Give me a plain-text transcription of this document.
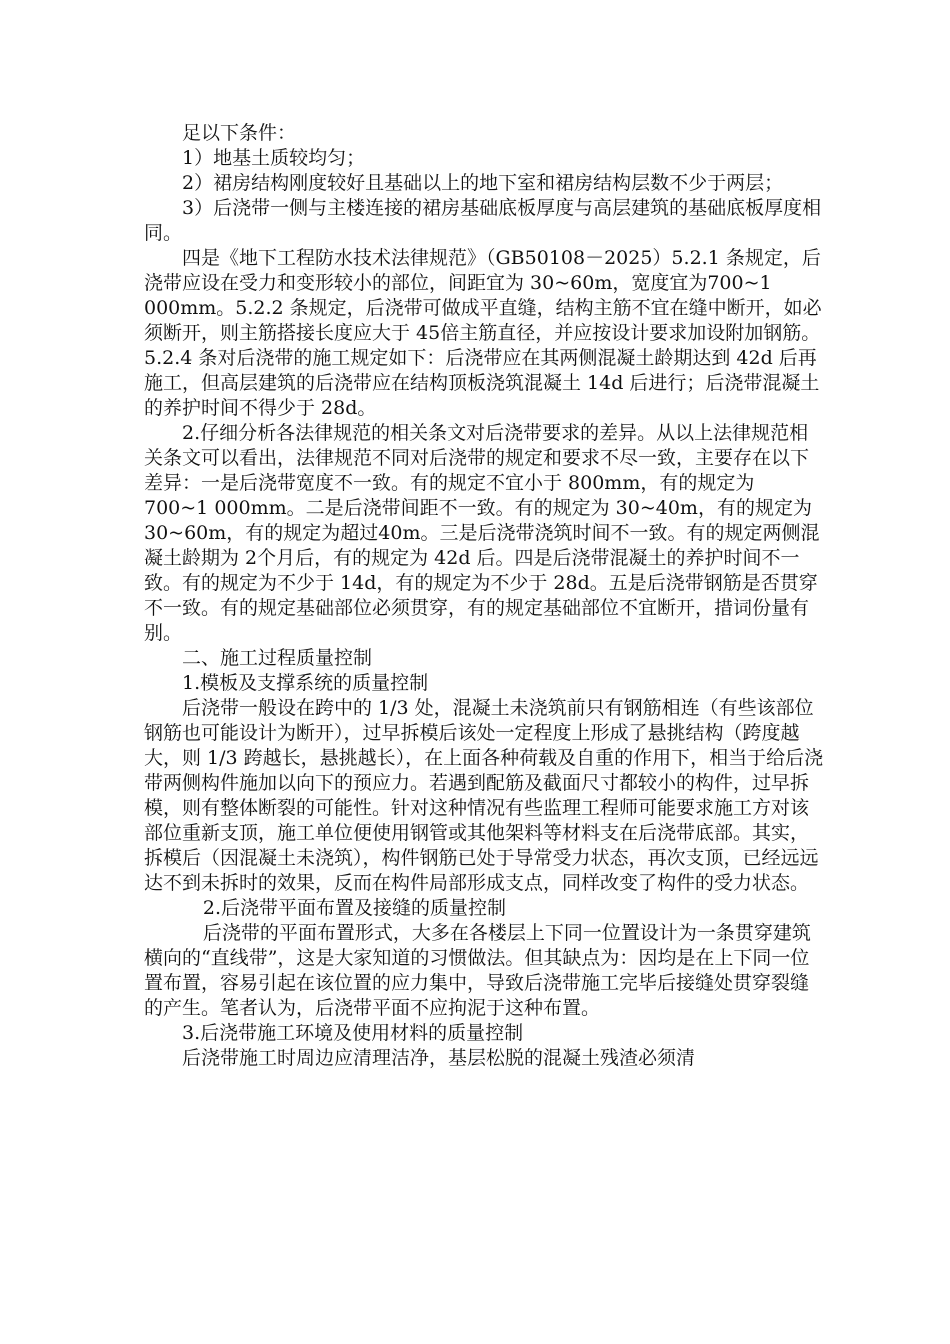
足以下条件：

1）地基土质较均匀；

2）裙房结构刚度较好且基础以上的地下室和裙房结构层数不少于两层；

3）后浇带一侧与主楼连接的裙房基础底板厚度与高层建筑的基础底板厚度相同。

四是《地下工程防水技术法律规范》（GB50108－2025）5.2.1 条规定，后浇带应设在受力和变形较小的部位，间距宜为 30~60m，宽度宜为700~1 000mm。5.2.2 条规定，后浇带可做成平直缝，结构主筋不宜在缝中断开，如必须断开，则主筋搭接长度应大于 45倍主筋直径，并应按设计要求加设附加钢筋。5.2.4 条对后浇带的施工规定如下：后浇带应在其两侧混凝土龄期达到 42d 后再施工，但高层建筑的后浇带应在结构顶板浇筑混凝土 14d 后进行；后浇带混凝土的养护时间不得少于 28d。

2.仔细分析各法律规范的相关条文对后浇带要求的差异。从以上法律规范相关条文可以看出，法律规范不同对后浇带的规定和要求不尽一致，主要存在以下差异：一是后浇带宽度不一致。有的规定不宜小于 800mm，有的规定为 700~1 000mm。二是后浇带间距不一致。有的规定为 30~40m，有的规定为 30~60m，有的规定为超过40m。三是后浇带浇筑时间不一致。有的规定两侧混凝土龄期为 2个月后，有的规定为 42d 后。四是后浇带混凝土的养护时间不一致。有的规定为不少于 14d，有的规定为不少于 28d。五是后浇带钢筋是否贯穿不一致。有的规定基础部位必须贯穿，有的规定基础部位不宜断开，措词份量有别。

二、施工过程质量控制

1.模板及支撑系统的质量控制

后浇带一般设在跨中的 1/3 处，混凝土未浇筑前只有钢筋相连（有些该部位钢筋也可能设计为断开），过早拆模后该处一定程度上形成了悬挑结构（跨度越大，则 1/3 跨越长，悬挑越长），在上面各种荷载及自重的作用下，相当于给后浇带两侧构件施加以向下的预应力。若遇到配筋及截面尺寸都较小的构件，过早拆模，则有整体断裂的可能性。针对这种情况有些监理工程师可能要求施工方对该部位重新支顶，施工单位便使用钢管或其他架料等材料支在后浇带底部。其实，拆模后（因混凝土未浇筑），构件钢筋已处于导常受力状态，再次支顶，已经远远达不到未拆时的效果，反而在构件局部形成支点，同样改变了构件的受力状态。

2.后浇带平面布置及接缝的质量控制

后浇带的平面布置形式，大多在各楼层上下同一位置设计为一条贯穿建筑横向的“直线带”，这是大家知道的习惯做法。但其缺点为：因均是在上下同一位置布置，容易引起在该位置的应力集中，导致后浇带施工完毕后接缝处贯穿裂缝的产生。笔者认为，后浇带平面不应拘泥于这种布置。

3.后浇带施工环境及使用材料的质量控制

后浇带施工时周边应清理洁净，基层松脱的混凝土残渣必须清
